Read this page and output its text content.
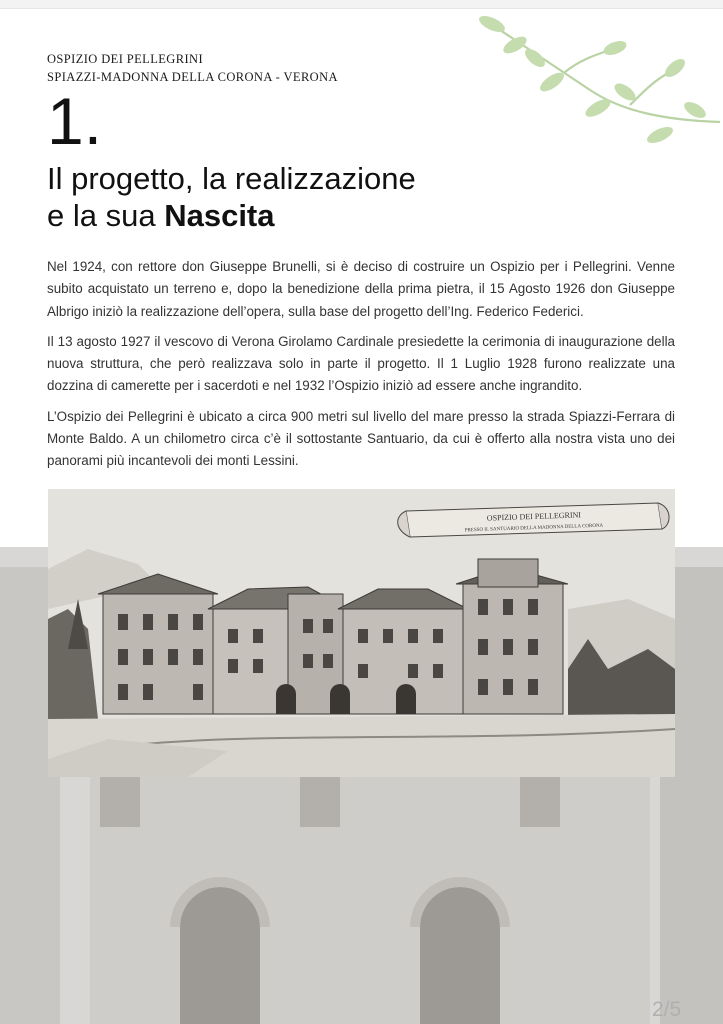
OSPIZIO DEI PELLEGRINI
SPIAZZI-MADONNA DELLA CORONA - VERONA
1.
Il progetto, la realizzazione
e la sua Nascita

Nel 1924, con rettore don Giuseppe Brunelli, si è deciso di costruire un Ospizio per i Pellegrini. Venne subito acquistato un terreno e, dopo la benedizione della prima pietra, il 15 Agosto 1926 don Giuseppe Albrigo iniziò la realizzazione dell’opera, sulla base del progetto dell’Ing. Federico Federici.

Il 13 agosto 1927 il vescovo di Verona Girolamo Cardinale presiedette la cerimonia di inaugurazione della nuova struttura, che però realizzava solo in parte il progetto. Il 1 Luglio 1928 furono realizzate una dozzina di camerette per i sacerdoti e nel 1932 l’Ospizio iniziò ad essere anche ingrandito.

L’Ospizio dei Pellegrini è ubicato a circa 900 metri sul livello del mare presso la strada Spiazzi-Ferrara di Monte Baldo. A un chilometro circa c’è il sottostante Santuario, da cui è offerto alla nostra vista uno dei panorami più incantevoli dei monti Lessini.

OSPIZIO DEI PELLEGRINI
PRESSO IL SANTUARIO DELLA MADONNA DELLA CORONA
2/5
